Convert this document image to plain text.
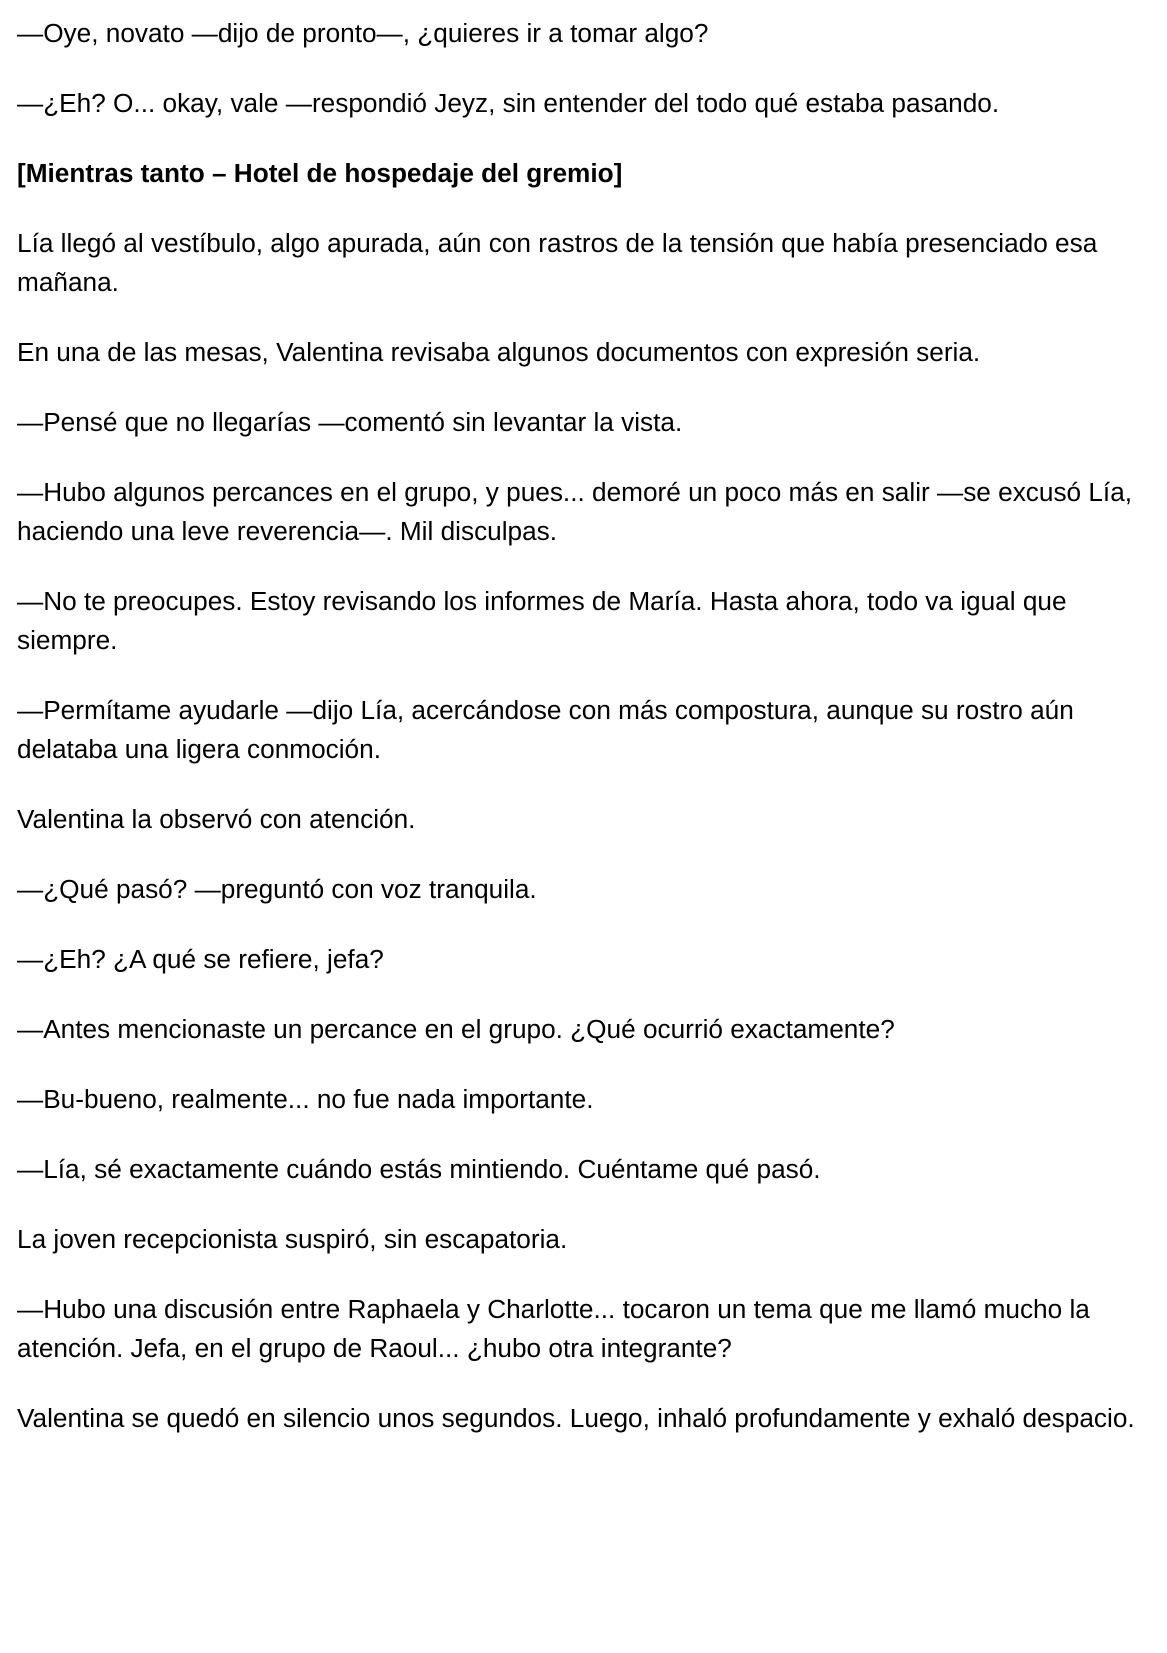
—Oye, novato —dijo de pronto—, ¿quieres ir a tomar algo?

—¿Eh? O... okay, vale —respondió Jeyz, sin entender del todo qué estaba pasando.

[Mientras tanto – Hotel de hospedaje del gremio]

Lía llegó al vestíbulo, algo apurada, aún con rastros de la tensión que había presenciado esa mañana.

En una de las mesas, Valentina revisaba algunos documentos con expresión seria.

—Pensé que no llegarías —comentó sin levantar la vista.

—Hubo algunos percances en el grupo, y pues... demoré un poco más en salir —se excusó Lía, haciendo una leve reverencia—. Mil disculpas.

—No te preocupes. Estoy revisando los informes de María. Hasta ahora, todo va igual que siempre.

—Permítame ayudarle —dijo Lía, acercándose con más compostura, aunque su rostro aún delataba una ligera conmoción.

Valentina la observó con atención.

—¿Qué pasó? —preguntó con voz tranquila.

—¿Eh? ¿A qué se refiere, jefa?

—Antes mencionaste un percance en el grupo. ¿Qué ocurrió exactamente?

—Bu-bueno, realmente... no fue nada importante.

—Lía, sé exactamente cuándo estás mintiendo. Cuéntame qué pasó.

La joven recepcionista suspiró, sin escapatoria.

—Hubo una discusión entre Raphaela y Charlotte... tocaron un tema que me llamó mucho la atención. Jefa, en el grupo de Raoul... ¿hubo otra integrante?

Valentina se quedó en silencio unos segundos. Luego, inhaló profundamente y exhaló despacio.
